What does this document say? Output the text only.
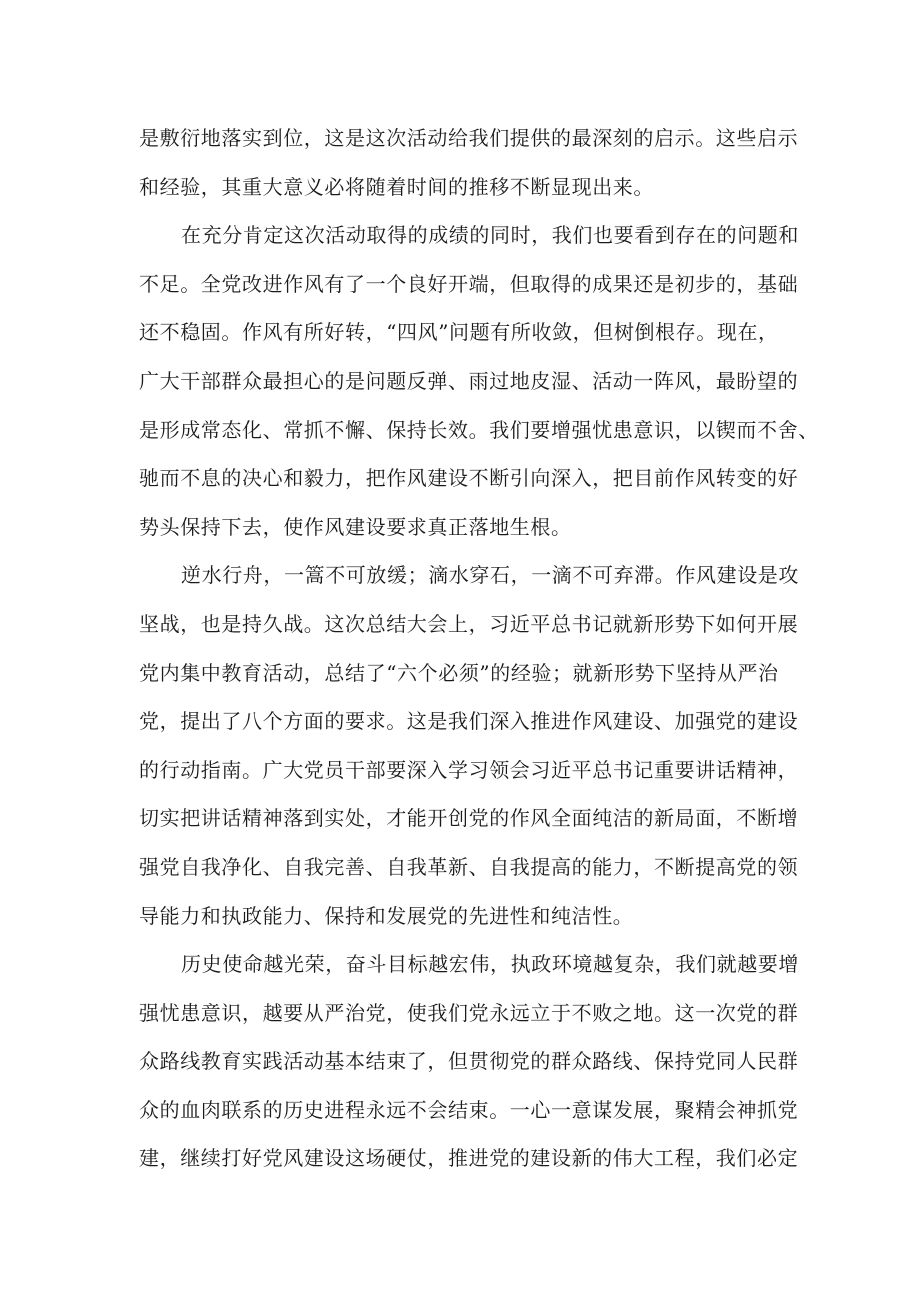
是敷衍地落实到位，这是这次活动给我们提供的最深刻的启示。这些启示
和经验，其重大意义必将随着时间的推移不断显现出来。
在充分肯定这次活动取得的成绩的同时，我们也要看到存在的问题和
不足。全党改进作风有了一个良好开端，但取得的成果还是初步的，基础
还不稳固。作风有所好转，“四风”问题有所收敛，但树倒根存。现在，
广大干部群众最担心的是问题反弹、雨过地皮湿、活动一阵风，最盼望的
是形成常态化、常抓不懈、保持长效。我们要增强忧患意识，以锲而不舍、
驰而不息的决心和毅力，把作风建设不断引向深入，把目前作风转变的好
势头保持下去，使作风建设要求真正落地生根。
逆水行舟，一篙不可放缓；滴水穿石，一滴不可弃滞。作风建设是攻
坚战，也是持久战。这次总结大会上，习近平总书记就新形势下如何开展
党内集中教育活动，总结了“六个必须”的经验；就新形势下坚持从严治
党，提出了八个方面的要求。这是我们深入推进作风建设、加强党的建设
的行动指南。广大党员干部要深入学习领会习近平总书记重要讲话精神，
切实把讲话精神落到实处，才能开创党的作风全面纯洁的新局面，不断增
强党自我净化、自我完善、自我革新、自我提高的能力，不断提高党的领
导能力和执政能力、保持和发展党的先进性和纯洁性。
历史使命越光荣，奋斗目标越宏伟，执政环境越复杂，我们就越要增
强忧患意识，越要从严治党，使我们党永远立于不败之地。这一次党的群
众路线教育实践活动基本结束了，但贯彻党的群众路线、保持党同人民群
众的血肉联系的历史进程永远不会结束。一心一意谋发展，聚精会神抓党
建，继续打好党风建设这场硬仗，推进党的建设新的伟大工程，我们必定
